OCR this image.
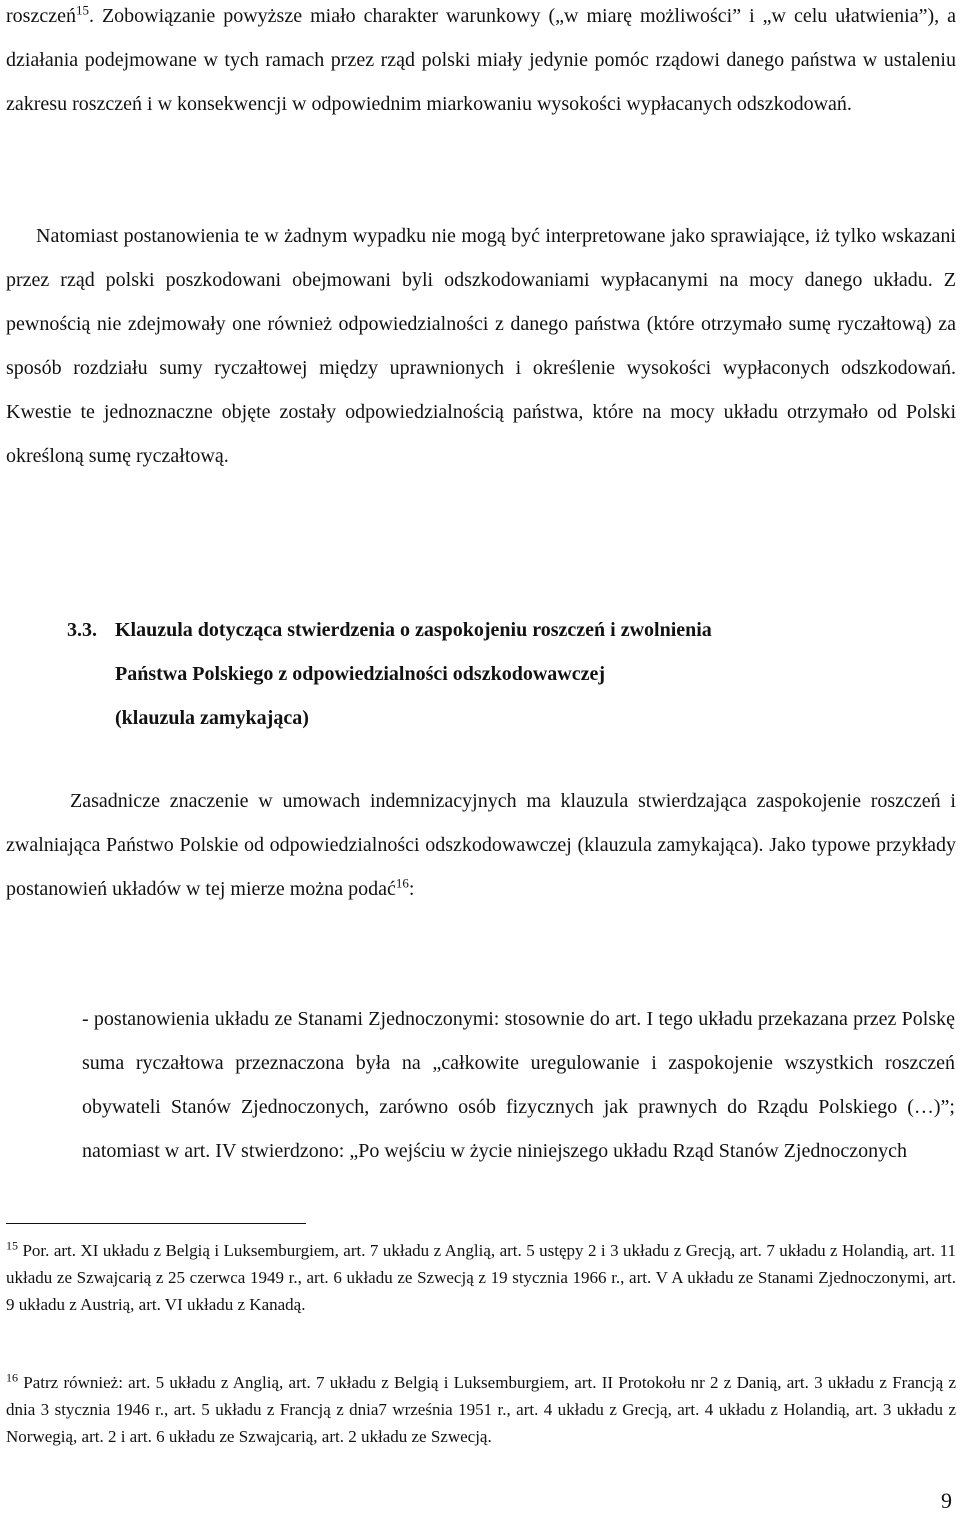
roszczeń$^{15}$. Zobowiązanie powyższe miało charakter warunkowy („w miarę możliwości” i „w celu ułatwienia”), a działania podejmowane w tych ramach przez rząd polski miały jedynie pomóc rządowi danego państwa w ustaleniu zakresu roszczeń i w konsekwencji w odpowiednim miarkowaniu wysokości wypłacanych odszkodowań.

Natomiast postanowienia te w żadnym wypadku nie mogą być interpretowane jako sprawiające, iż tylko wskazani przez rząd polski poszkodowani obejmowani byli odszkodowaniami wypłacanymi na mocy danego układu. Z pewnością nie zdejmowały one również odpowiedzialności z danego państwa (które otrzymało sumę ryczałtową) za sposób rozdziału sumy ryczałtowej między uprawnionych i określenie wysokości wypłaconych odszkodowań. Kwestie te jednoznaczne objęte zostały odpowiedzialnością państwa, które na mocy układu otrzymało od Polski określoną sumę ryczałtową.

3.3. Klauzula dotycząca stwierdzenia o zaspokojeniu roszczeń i zwolnienia
Państwa Polskiego z odpowiedzialności odszkodowawczej
(klauzula zamykająca)

Zasadnicze znaczenie w umowach indemnizacyjnych ma klauzula stwierdzająca zaspokojenie roszczeń i zwalniająca Państwo Polskie od odpowiedzialności odszkodowawczej (klauzula zamykająca). Jako typowe przykłady postanowień układów w tej mierze można podać$^{16}$:

- postanowienia układu ze Stanami Zjednoczonymi: stosownie do art. I tego układu przekazana przez Polskę suma ryczałtowa przeznaczona była na „całkowite uregulowanie i zaspokojenie wszystkich roszczeń obywateli Stanów Zjednoczonych, zarówno osób fizycznych jak prawnych do Rządu Polskiego (…)”; natomiast w art. IV stwierdzono: „Po wejściu w życie niniejszego układu Rząd Stanów Zjednoczonych

$^{15}$ Por. art. XI układu z Belgią i Luksemburgiem, art. 7 układu z Anglią, art. 5 ustępy 2 i 3 układu z Grecją, art. 7 układu z Holandią, art. 11 układu ze Szwajcarią z 25 czerwca 1949 r., art. 6 układu ze Szwecją z 19 stycznia 1966 r., art. V A układu ze Stanami Zjednoczonymi, art. 9 układu z Austrią, art. VI układu z Kanadą.

$^{16}$ Patrz również: art. 5 układu z Anglią, art. 7 układu z Belgią i Luksemburgiem, art. II Protokołu nr 2 z Danią, art. 3 układu z Francją z dnia 3 stycznia 1946 r., art. 5 układu z Francją z dnia7 września 1951 r., art. 4 układu z Grecją, art. 4 układu z Holandią, art. 3 układu z Norwegią, art. 2 i art. 6 układu ze Szwajcarią, art. 2 układu ze Szwecją.

9
